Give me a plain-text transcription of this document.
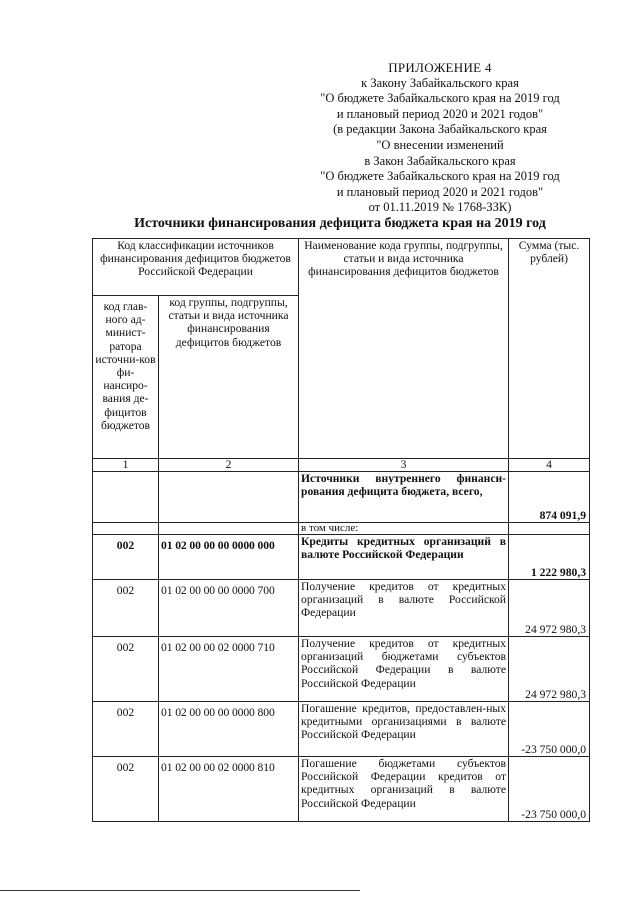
ПРИЛОЖЕНИЕ 4
к Закону Забайкальского края
"О бюджете Забайкальского края на 2019 год
и плановый период 2020 и 2021 годов"
(в редакции Закона Забайкальского края
"О внесении изменений
в Закон Забайкальского края
"О бюджете Забайкальского края на 2019 год
и плановый период 2020 и 2021 годов"
от 01.11.2019 № 1768-ЗЗК)
Источники финансирования дефицита бюджета края на 2019 год
Код классификации источников финансирования дефицитов бюджетов Российской Федерации		Наименование кода группы, подгруппы, статьи и вида источника финансирования дефицитов бюджетов	Сумма (тыс. рублей)
код глав-ного ад-минист-ратора источни-ков фи-нансиро-вания де-фицитов бюджетов	код группы, подгруппы, статьи и вида источника финансирования дефицитов бюджетов		
1	2	3	4
		Источники внутреннего финанси-рования дефицита бюджета, всего,	874 091,9
		в том числе:	
002	01 02 00 00 00 0000 000	Кредиты кредитных организаций в валюте Российской Федерации	1 222 980,3
002	01 02 00 00 00 0000 700	Получение кредитов от кредитных организаций в валюте Российской Федерации	24 972 980,3
002	01 02 00 00 02 0000 710	Получение кредитов от кредитных организаций бюджетами субъектов Российской Федерации в валюте Российской Федерации	24 972 980,3
002	01 02 00 00 00 0000 800	Погашение кредитов, предоставлен-ных кредитными организациями в валюте Российской Федерации	-23 750 000,0
002	01 02 00 00 02 0000 810	Погашение бюджетами субъектов Российской Федерации кредитов от кредитных организаций в валюте Российской Федерации	-23 750 000,0
